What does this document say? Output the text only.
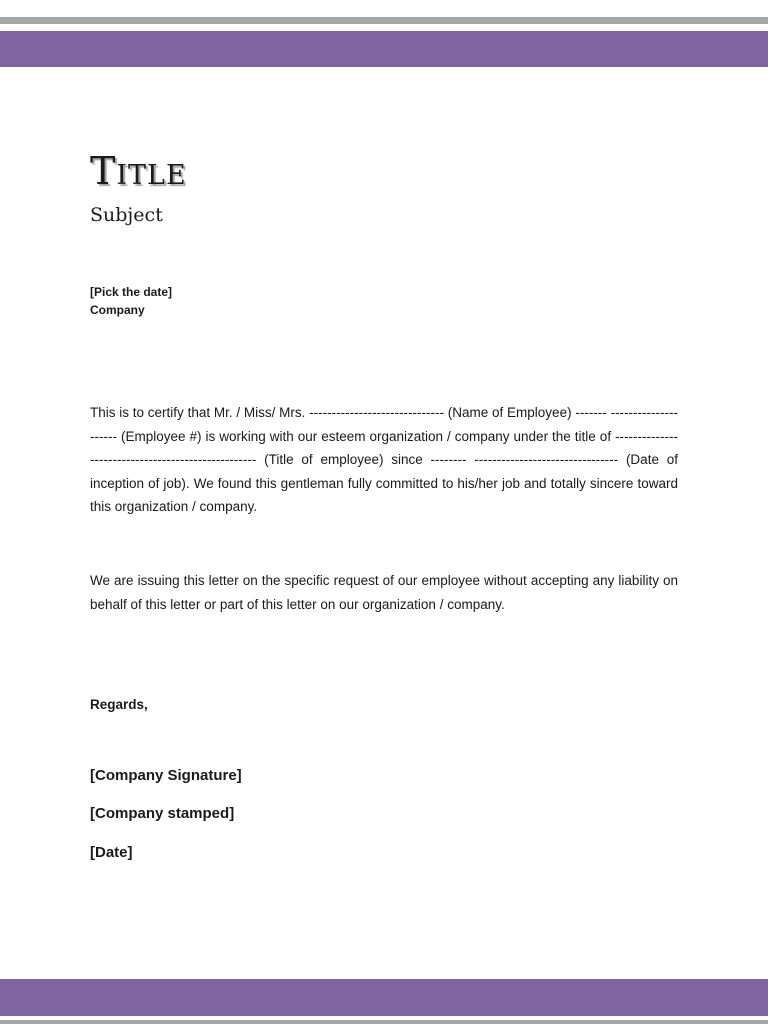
Title
Subject
[Pick the date]
Company

This is to certify that Mr. / Miss/ Mrs. ------------------------------ (Name of Employee) ------- --------------------- (Employee #) is working with our esteem organization / company under the title of --------------------------------------------------- (Title of employee) since -------- -------------------------------- (Date of inception of job). We found this gentleman fully committed to his/her job and totally sincere toward this organization / company.

We are issuing this letter on the specific request of our employee without accepting any liability on behalf of this letter or part of this letter on our organization / company.

Regards,
[Company Signature]
[Company stamped]
[Date]
